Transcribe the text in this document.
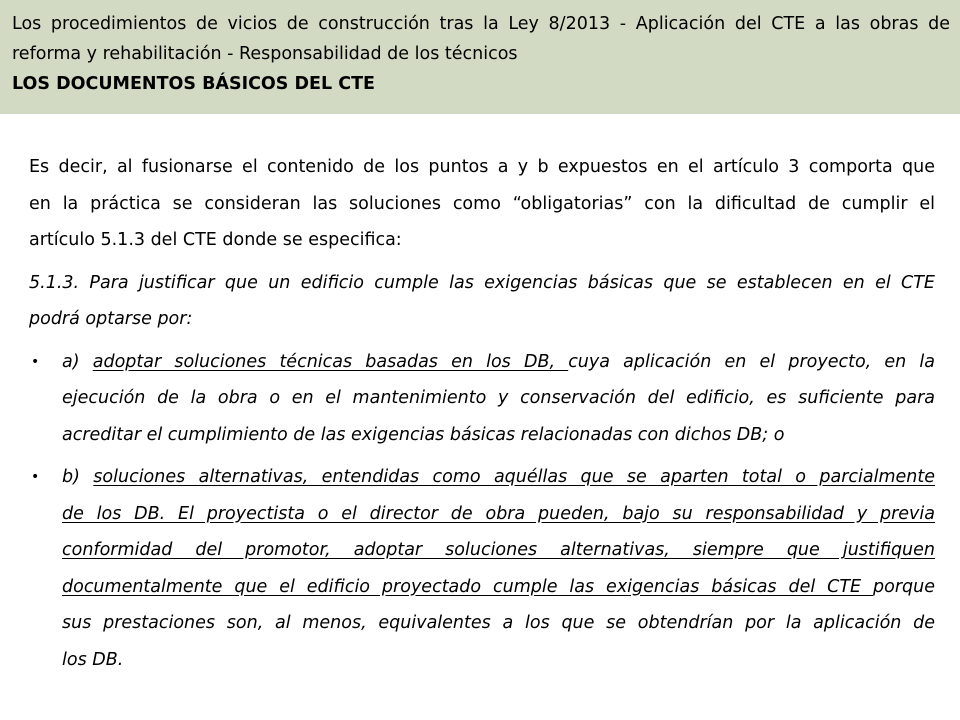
Los procedimientos de vicios de construcción tras la Ley 8/2013 - Aplicación del CTE a las obras de
reforma y rehabilitación - Responsabilidad de los técnicos
LOS DOCUMENTOS BÁSICOS DEL CTE
Es decir, al fusionarse el contenido de los puntos a y b expuestos en el artículo 3 comporta que
en la práctica se consideran las soluciones como “obligatorias” con la dificultad de cumplir el
artículo 5.1.3 del CTE donde se especifica:
5.1.3. Para justificar que un edificio cumple las exigencias básicas que se establecen en el CTE
podrá optarse por:
• a) adoptar soluciones técnicas basadas en los DB, cuya aplicación en el proyecto, en la
ejecución de la obra o en el mantenimiento y conservación del edificio, es suficiente para
acreditar el cumplimiento de las exigencias básicas relacionadas con dichos DB; o
• b) soluciones alternativas, entendidas como aquéllas que se aparten total o parcialmente
de los DB. El proyectista o el director de obra pueden, bajo su responsabilidad y previa
conformidad del promotor, adoptar soluciones alternativas, siempre que justifiquen
documentalmente que el edificio proyectado cumple las exigencias básicas del CTE porque
sus prestaciones son, al menos, equivalentes a los que se obtendrían por la aplicación de
los DB.
